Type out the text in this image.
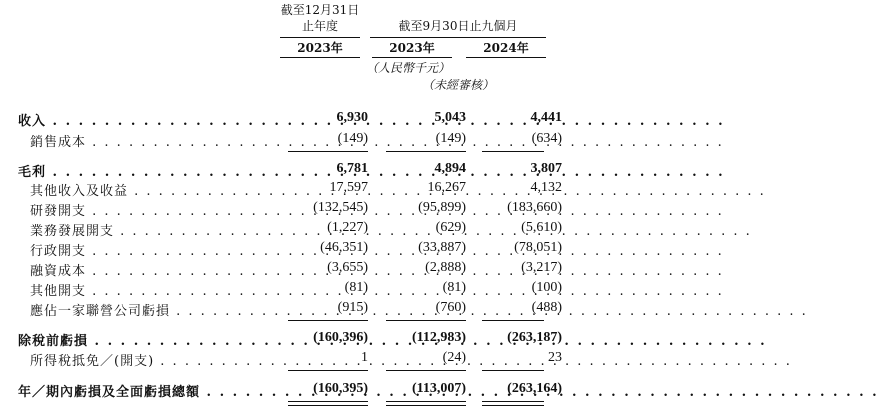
截至12月31日
止年度	截至9月30日止九個月
2023年	2023年	2024年
（人民幣千元）
（未經審核）
收入 . . .	6,930	5,043	4,441
銷售成本 . . .	(149)	(149)	(634)
毛利 . . .	6,781	4,894	3,807
其他收入及收益 . . .	17,597	16,267	4,132
研發開支 . . .	(132,545)	(95,899)	(183,660)
業務發展開支 . . .	(1,227)	(629)	(5,610)
行政開支 . . .	(46,351)	(33,887)	(78,051)
融資成本 . . .	(3,655)	(2,888)	(3,217)
其他開支 . . .	(81)	(81)	(100)
應佔一家聯營公司虧損 . . .	(915)	(760)	(488)
除稅前虧損 . . .	(160,396)	(112,983)	(263,187)
所得稅抵免／(開支) . . .	1	(24)	23
年／期內虧損及全面虧損總額 . . .	(160,395)	(113,007)	(263,164)
